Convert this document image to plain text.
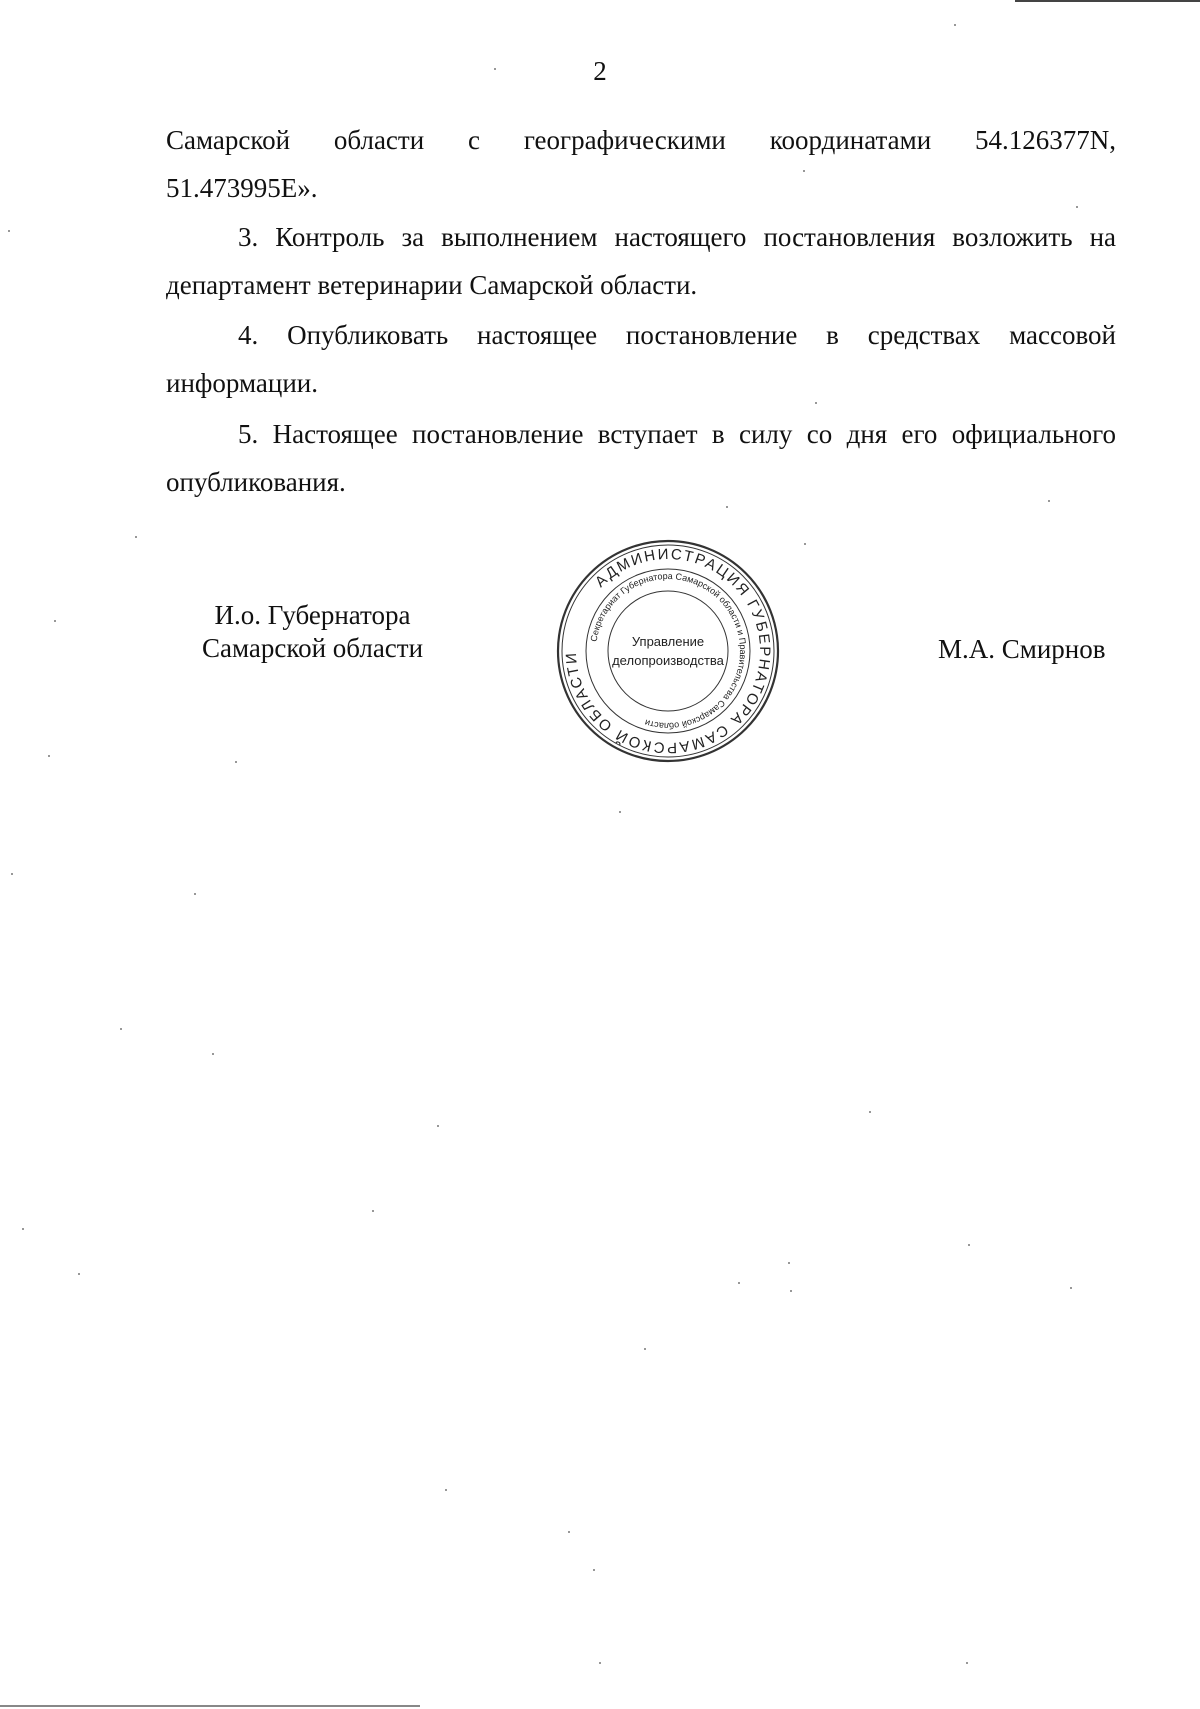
2
Самарской области с географическими координатами 54.126377N,
51.473995E».
3. Контроль за выполнением настоящего постановления возложить на
департамент ветеринарии Самарской области.
4. Опубликовать настоящее постановление в средствах массовой
информации.
5. Настоящее постановление вступает в силу со дня его официального
опубликования.
И.о. Губернатора
Самарской области
АДМИНИСТРАЦИЯ ГУБЕРНАТОРА САМАРСКОЙ ОБЛАСТИ
Секретариат Губернатора Самарской области и Правительства Самарской области
Управление
делопроизводства	М.А. Смирнов
